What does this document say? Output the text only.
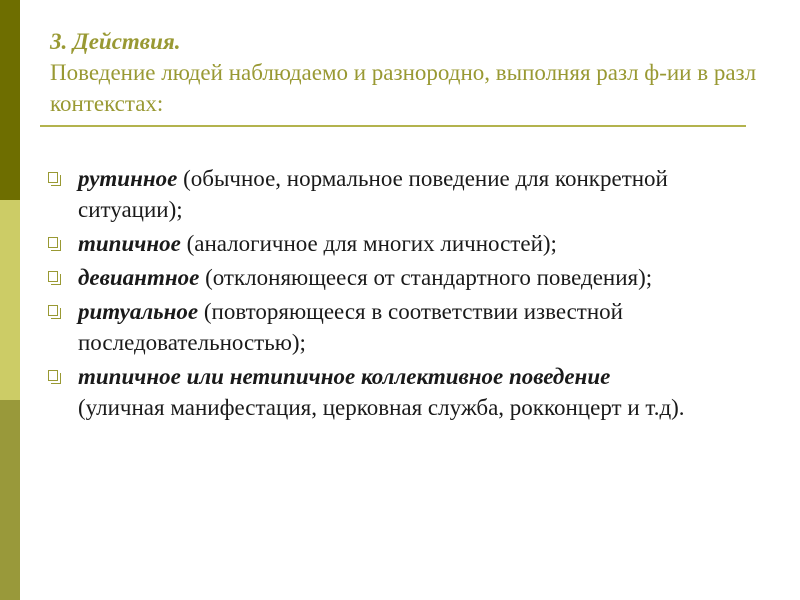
3. Действия.
Поведение людей наблюдаемо и разнородно, выполняя разл ф-ии в разл контекстах:
рутинное (обычное, нормальное поведение для конкретной ситуации);
типичное (аналогичное для многих личностей);
девиантное (отклоняющееся от стандартного поведения);
ритуальное (повторяющееся в соответствии известной последовательностью);
типичное или нетипичное коллективное поведение
(уличная манифестация, церковная служба, рокконцерт и т.д).
